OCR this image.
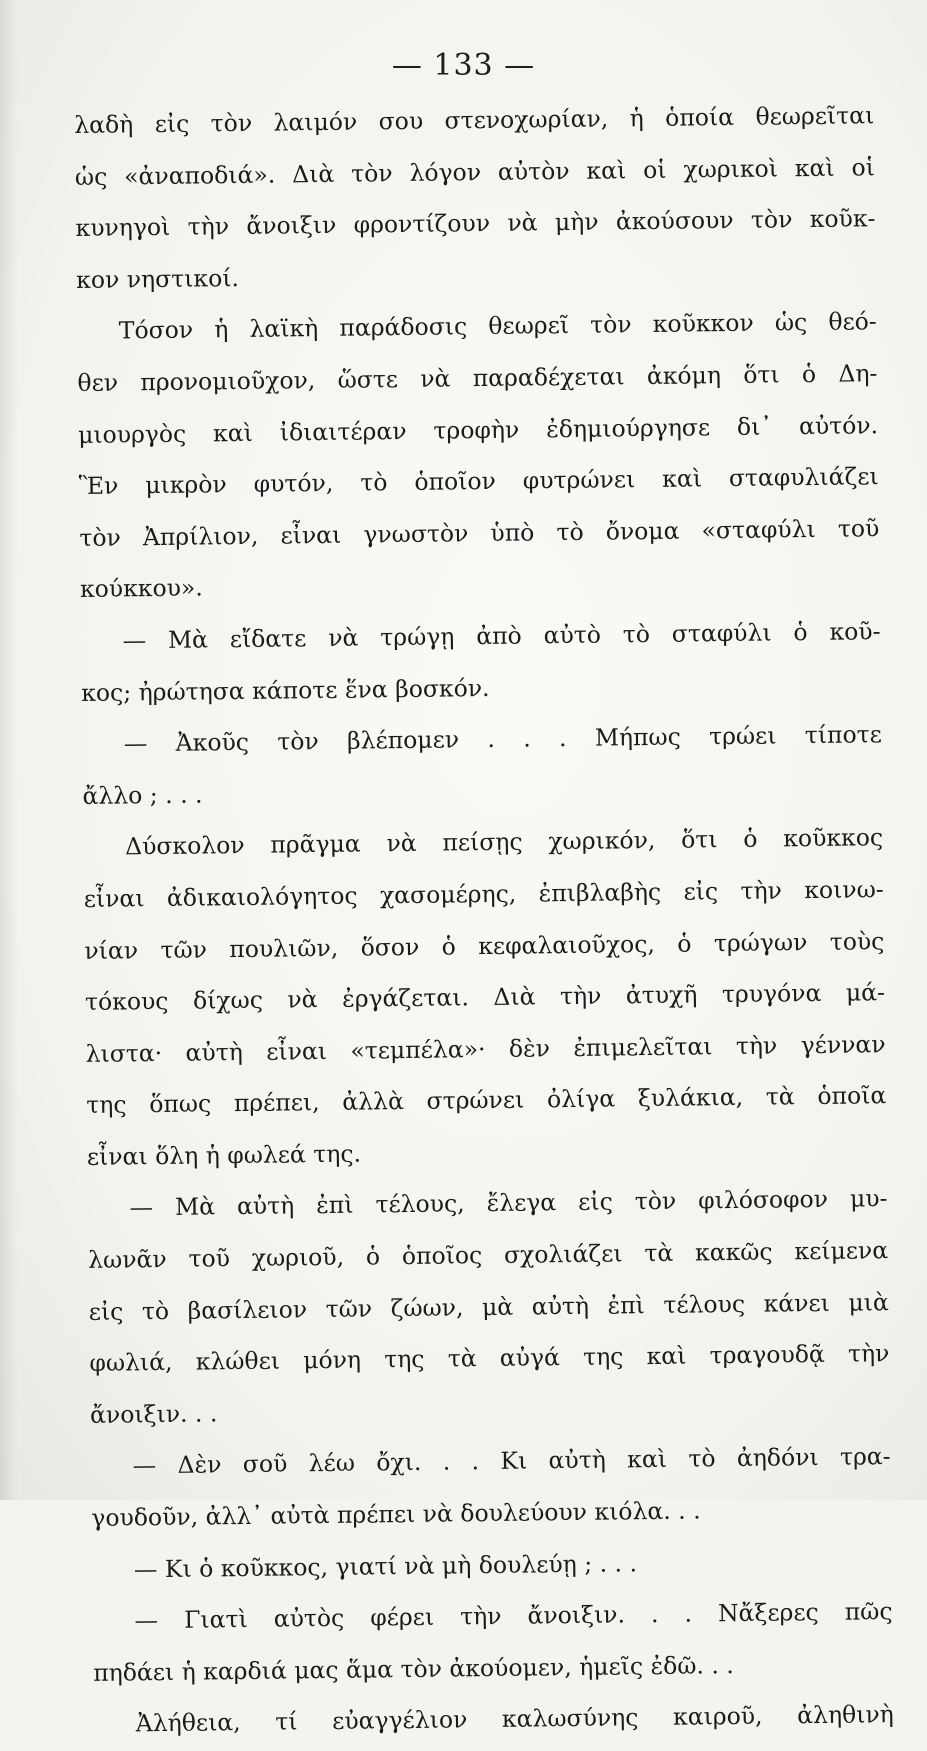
— 133 —
λαδὴ εἰς τὸν λαιμόν σου στενοχωρίαν, ἡ ὁποία θεωρεῖται
ὡς «ἀναποδιά». Διὰ τὸν λόγον αὐτὸν καὶ οἱ χωρικοὶ καὶ οἱ
κυνηγοὶ τὴν ἄνοιξιν φροντίζουν νὰ μὴν ἀκούσουν τὸν κοῦκ-
κον νηστικοί.
Τόσον ἡ λαϊκὴ παράδοσις θεωρεῖ τὸν κοῦκκον ὡς θεό-
θεν προνομιοῦχον, ὥστε νὰ παραδέχεται ἀκόμη ὅτι ὁ Δη-
μιουργὸς καὶ ἰδιαιτέραν τροφὴν ἐδημιούργησε δι᾽ αὐτόν.
Ἓν μικρὸν φυτόν, τὸ ὁποῖον φυτρώνει καὶ σταφυλιάζει
τὸν Ἀπρίλιον, εἶναι γνωστὸν ὑπὸ τὸ ὄνομα «σταφύλι τοῦ
κούκκου».
— Μὰ εἴδατε νὰ τρώγῃ ἀπὸ αὐτὸ τὸ σταφύλι ὁ κοῦ-
κος; ἠρώτησα κάποτε ἕνα βοσκόν.
— Ἀκοῦς τὸν βλέπομεν . . . Μήπως τρώει τίποτε
ἄλλο ; . . .
Δύσκολον πρᾶγμα νὰ πείσῃς χωρικόν, ὅτι ὁ κοῦκκος
εἶναι ἀδικαιολόγητος χασομέρης, ἐπιβλαβὴς εἰς τὴν κοινω-
νίαν τῶν πουλιῶν, ὅσον ὁ κεφαλαιοῦχος, ὁ τρώγων τοὺς
τόκους δίχως νὰ ἐργάζεται. Διὰ τὴν ἀτυχῆ τρυγόνα μά-
λιστα· αὐτὴ εἶναι «τεμπέλα»· δὲν ἐπιμελεῖται τὴν γένναν
της ὅπως πρέπει, ἀλλὰ στρώνει ὀλίγα ξυλάκια, τὰ ὁποῖα
εἶναι ὅλη ἡ φωλεά της.
— Μὰ αὐτὴ ἐπὶ τέλους, ἔλεγα εἰς τὸν φιλόσοφον μυ-
λωνᾶν τοῦ χωριοῦ, ὁ ὁποῖος σχολιάζει τὰ κακῶς κείμενα
εἰς τὸ βασίλειον τῶν ζώων, μὰ αὐτὴ ἐπὶ τέλους κάνει μιὰ
φωλιά, κλώθει μόνη της τὰ αὐγά της καὶ τραγουδᾷ τὴν
ἄνοιξιν. . .
— Δὲν σοῦ λέω ὄχι. . . Κι αὐτὴ καὶ τὸ ἀηδόνι τρα-
γουδοῦν, ἀλλ᾽ αὐτὰ πρέπει νὰ δουλεύουν κιόλα. . .
— Κι ὁ κοῦκκος, γιατί νὰ μὴ δουλεύῃ ; . . .
— Γιατὶ αὐτὸς φέρει τὴν ἄνοιξιν. . . Νἄξερες πῶς
πηδάει ἡ καρδιά μας ἅμα τὸν ἀκούομεν, ἡμεῖς ἐδῶ. . .
Ἀλήθεια, τί εὐαγγέλιον καλωσύνης καιροῦ, ἀληθινὴ
